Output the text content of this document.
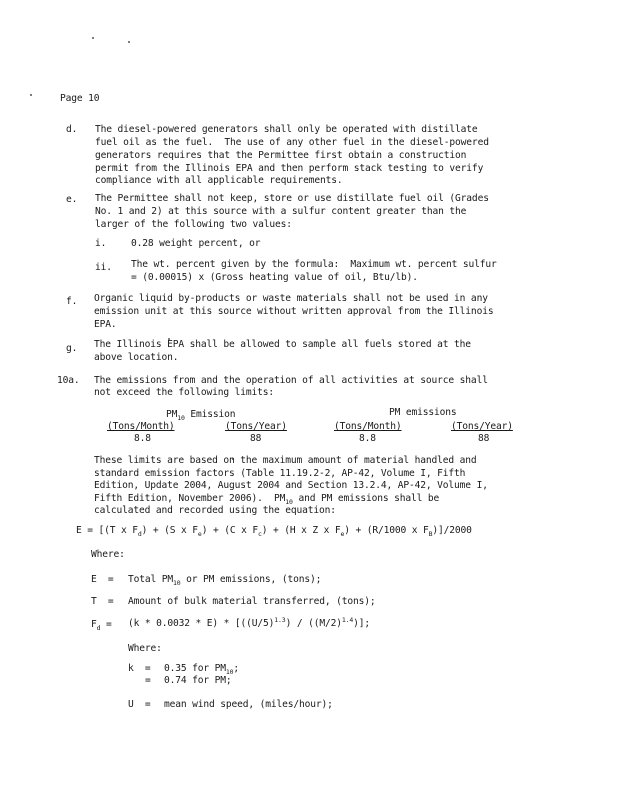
Page 10
d. The diesel-powered generators shall only be operated with distillate
fuel oil as the fuel.  The use of any other fuel in the diesel-powered
generators requires that the Permittee first obtain a construction
permit from the Illinois EPA and then perform stack testing to verify
compliance with all applicable requirements.
e. The Permittee shall not keep, store or use distillate fuel oil (Grades
No. 1 and 2) at this source with a sulfur content greater than the
larger of the following two values:
i.	0.28 weight percent, or
ii. The wt. percent given by the formula:  Maximum wt. percent sulfur
= (0.00015) x (Gross heating value of oil, Btu/lb).
f. Organic liquid by-products or waste materials shall not be used in any
emission unit at this source without written approval from the Illinois
EPA.
g. The Illinois EPA shall be allowed to sample all fuels stored at the
above location.
10a. The emissions from and the operation of all activities at source shall
not exceed the following limits:
$PM_{10}$ Emission	PM emissions
(Tons/Month)	(Tons/Year)	(Tons/Month)	(Tons/Year)
8.8	88	8.8	88
These limits are based on the maximum amount of material handled and
standard emission factors (Table 11.19.2-2, AP-42, Volume I, Fifth
Edition, Update 2004, August 2004 and Section 13.2.4, AP-42, Volume I,
Fifth Edition, November 2006).  $PM_{10}$ and PM emissions shall be
calculated and recorded using the equation:
E = [(T x $F_d) + (S$ x $F_e) + (C$ x $F_c) + (H$ x Z x $F_e) + (R/1000$ x $F_B)]/2000$
Where:
E  = Total $PM_{10}$ or PM emissions, (tons);
T  = Amount of bulk material transferred, (tons);
$F_d = (k * 0.0032 * E) * [((U/5)^{1.3}) / ((M/2)^{1.4})]$;
Where:
k  = 0.35 for $PM_{10}$;
= 0.74 for PM;
U  = mean wind speed, (miles/hour);
